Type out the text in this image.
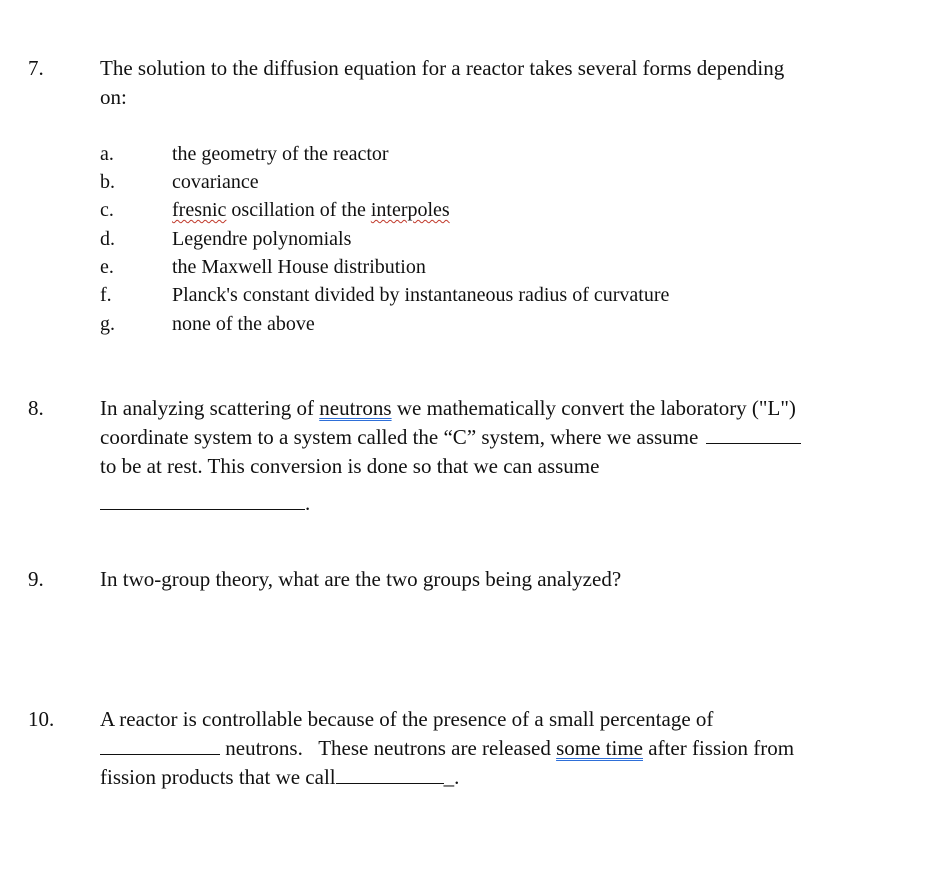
7.	The solution to the diffusion equation for a reactor takes several forms depending
on:
a.	the geometry of the reactor
b.	covariance
c.	fresnic oscillation of the interpoles
d.	Legendre polynomials
e.	the Maxwell House distribution
f.	Planck's constant divided by instantaneous radius of curvature
g.	none of the above
8.	In analyzing scattering of neutrons we mathematically convert the laboratory ("L")
coordinate system to a system called the “C” system, where we assume
to be at rest. This conversion is done so that we can assume
.
9.	In two-group theory, what are the two groups being analyzed?
10. A reactor is controllable because of the presence of a small percentage of
neutrons.   These neutrons are released some time after fission from
fission products that we call	_.
